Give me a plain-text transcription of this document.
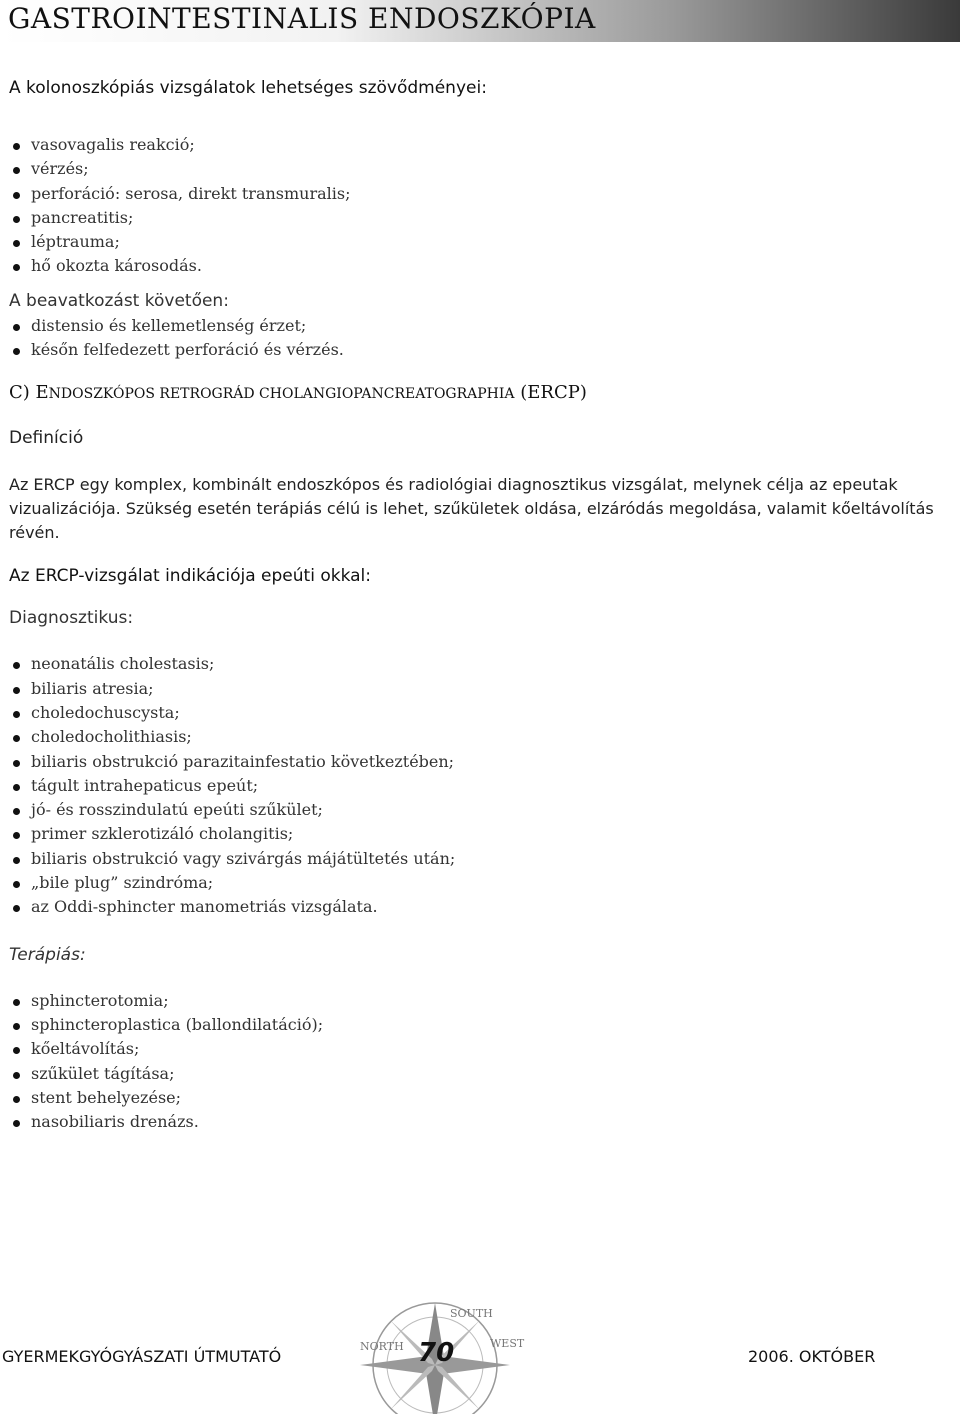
GASTROINTESTINALIS ENDOSZKÓPIA
A kolonoszkópiás vizsgálatok lehetséges szövődményei:
vasovagalis reakció;
vérzés;
perforáció: serosa, direkt transmuralis;
pancreatitis;
léptrauma;
hő okozta károsodás.
A beavatkozást követően:
distensio és kellemetlenség érzet;
későn felfedezett perforáció és vérzés.

C) ENDOSZKÓPOS RETROGRÁD CHOLANGIOPANCREATOGRAPHIA (ERCP)

Definíció

Az ERCP egy komplex, kombinált endoszkópos és radiológiai diagnosztikus vizsgálat, melynek célja az epeutak vizualizációja. Szükség esetén terápiás célú is lehet, szűkületek oldása, elzáródás megoldása, valamit kőeltávolítás révén.

Az ERCP-vizsgálat indikációja epeúti okkal:
Diagnosztikus:
neonatális cholestasis;
biliaris atresia;
choledochuscysta;
choledocholithiasis;
biliaris obstrukció parazitainfestatio következtében;
tágult intrahepaticus epeút;
jó- és rosszindulatú epeúti szűkület;
primer szklerotizáló cholangitis;
biliaris obstrukció vagy szivárgás májátültetés után;
„bile plug” szindróma;
az Oddi-sphincter manometriás vizsgálata.
Terápiás:
sphincterotomia;
sphincteroplastica (ballondilatáció);
kőeltávolítás;
szűkület tágítása;
stent behelyezése;
nasobiliaris drenázs.
SOUTH
WEST
NORTH
GYERMEKGYÓGYÁSZATI ÚTMUTATÓ	70	2006. OKTÓBER
